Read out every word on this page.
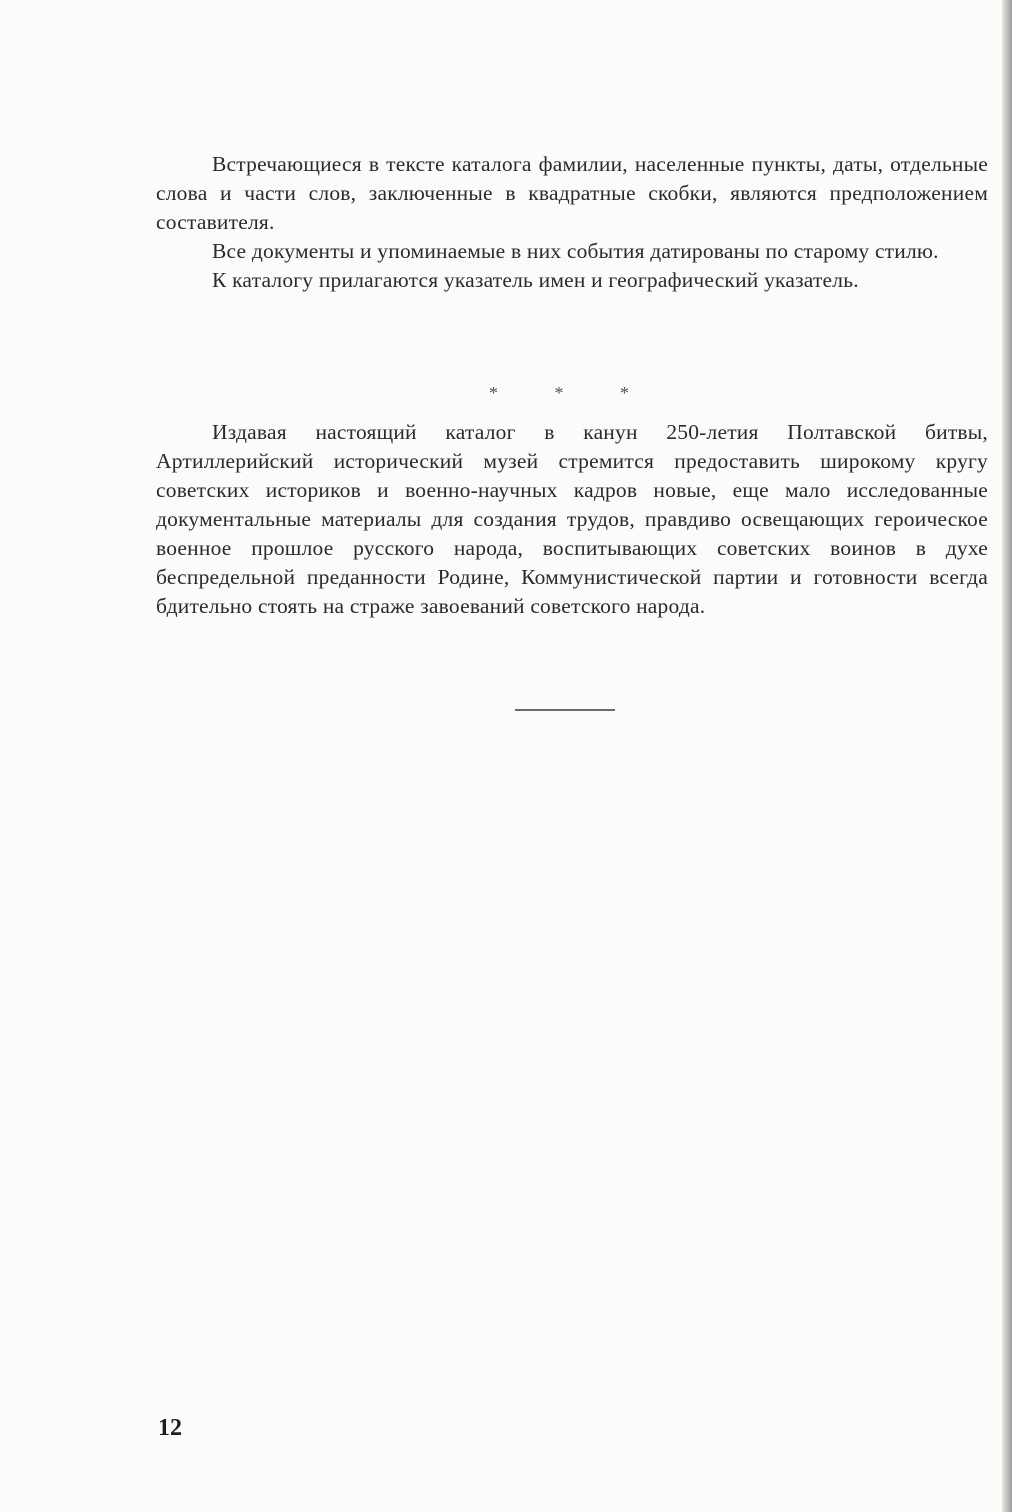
Встречающиеся в тексте каталога фамилии, населенные пункты, даты, отдельные слова и части слов, заключенные в квадратные скобки, являются предположением составителя.

Все документы и упоминаемые в них события датированы по старому стилю.

К каталогу прилагаются указатель имен и географический указатель.

* * *

Издавая настоящий каталог в канун 250-летия Полтавской битвы, Артиллерийский исторический музей стремится предоставить широкому кругу советских историков и военно-научных кадров новые, еще мало исследованные документальные материалы для создания трудов, правдиво освещающих героическое военное прошлое русского народа, воспитывающих советских воинов в духе беспредельной преданности Родине, Коммунистической партии и готовности всегда бдительно стоять на страже завоеваний советского народа.

12
